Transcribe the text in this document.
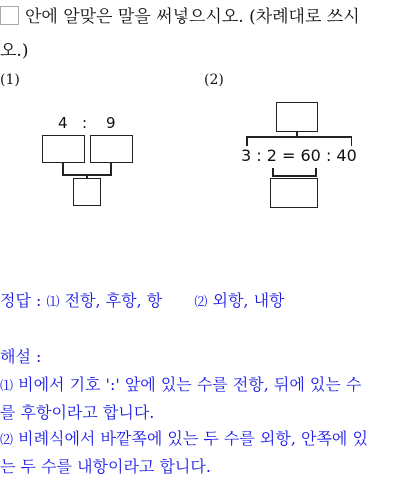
안에 알맞은 말을 써넣으시오. (차례대로 쓰시
오.)
(1)	(2)
4 : 9
3 : 2 = 60 : 40
정답 : ⑴ 전항, 후항, 항 ⑵ 외항, 내항
해설 :
⑴ 비에서 기호 ':' 앞에 있는 수를 전항, 뒤에 있는 수
를 후항이라고 합니다.
⑵ 비례식에서 바깥쪽에 있는 두 수를 외항, 안쪽에 있
는 두 수를 내항이라고 합니다.
